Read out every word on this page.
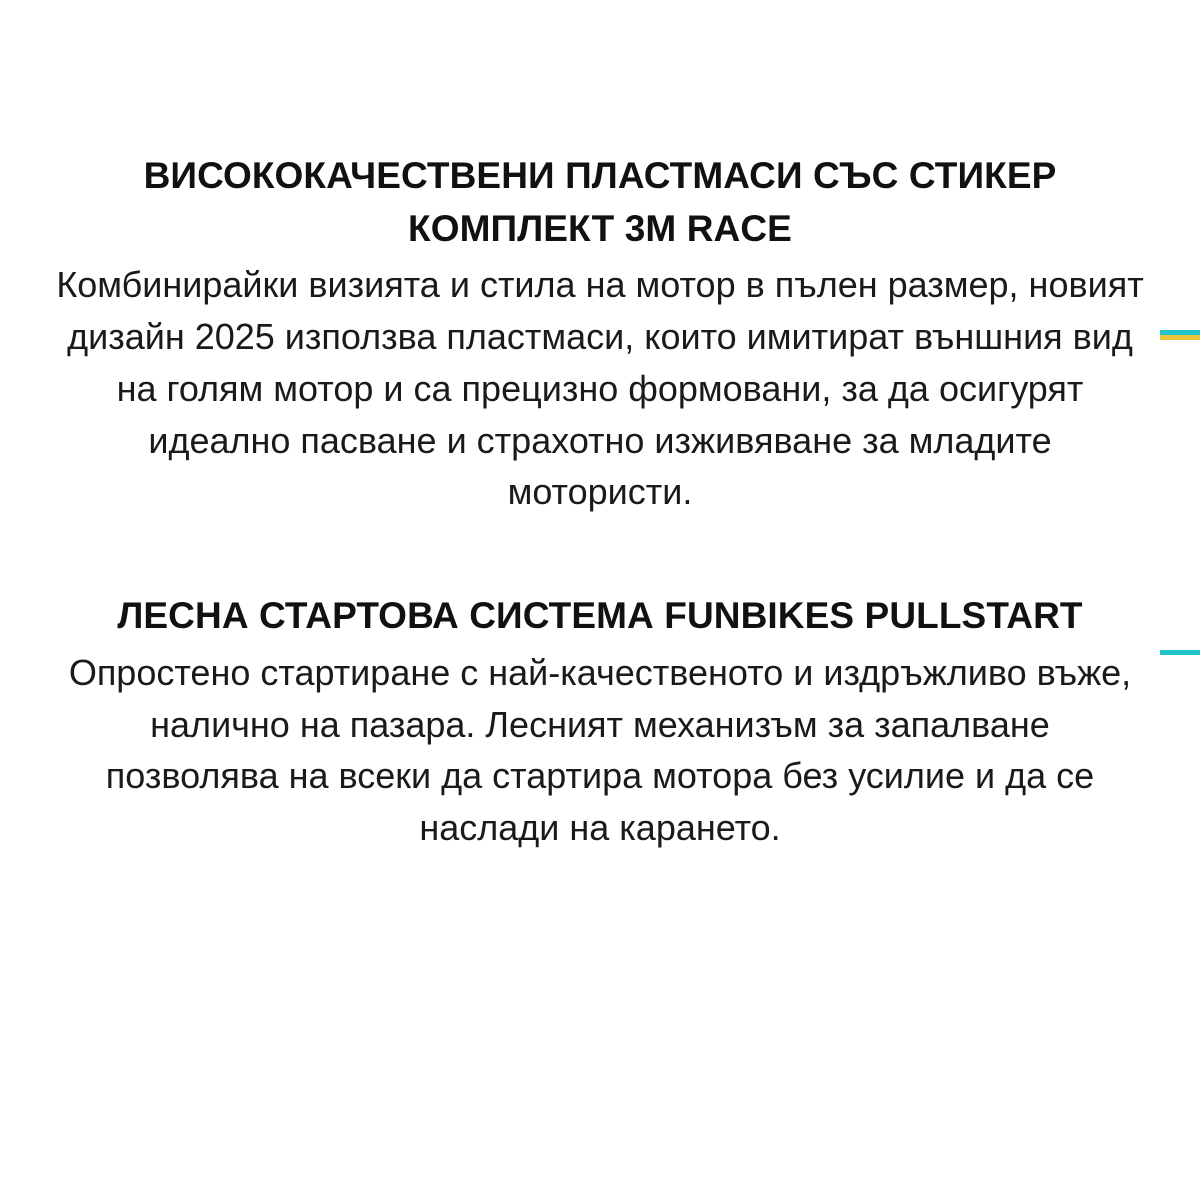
ВИСОКОКАЧЕСТВЕНИ ПЛАСТМАСИ СЪС СТИКЕР КОМПЛЕКТ 3M RACE

Комбинирайки визията и стила на мотор в пълен размер, новият дизайн 2025 използва пластмаси, които имитират външния вид на голям мотор и са прецизно формовани, за да осигурят идеално пасване и страхотно изживяване за младите мотористи.

ЛЕСНА СТАРТОВА СИСТЕМА FUNBIKES PULLSTART

Опростено стартиране с най-качественото и издръжливо въже, налично на пазара. Лесният механизъм за запалване позволява на всеки да стартира мотора без усилие и да се наслади на карането.
